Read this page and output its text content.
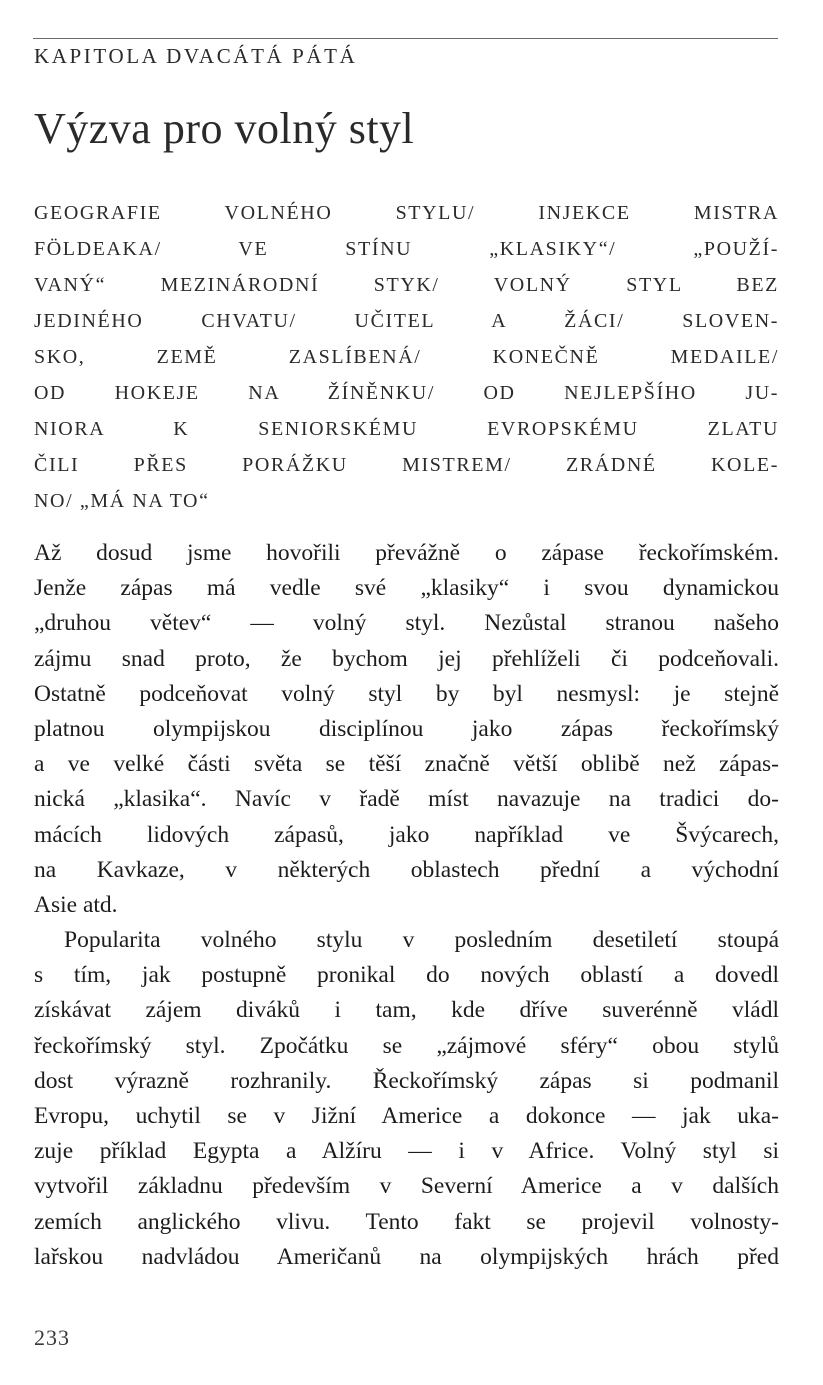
KAPITOLA DVACÁTÁ PÁTÁ
Výzva pro volný styl
GEOGRAFIE VOLNÉHO STYLU/ INJEKCE MISTRA
FÖLDEAKA/ VE STÍNU „KLASIKY“/ „POUŽÍ-
VANÝ“ MEZINÁRODNÍ STYK/ VOLNÝ STYL BEZ
JEDINÉHO CHVATU/ UČITEL A ŽÁCI/ SLOVEN-
SKO, ZEMĚ ZASLÍBENÁ/ KONEČNĚ MEDAILE/
OD HOKEJE NA ŽÍNĚNKU/ OD NEJLEPŠÍHO JU-
NIORA K SENIORSKÉMU EVROPSKÉMU ZLATU
ČILI PŘES PORÁŽKU MISTREM/ ZRÁDNÉ KOLE-
NO/ „MÁ NA TO“
Až dosud jsme hovořili převážně o zápase řeckořímském.
Jenže zápas má vedle své „klasiky“ i svou dynamickou
„druhou větev“ — volný styl. Nezůstal stranou našeho
zájmu snad proto, že bychom jej přehlíželi či podceňovali.
Ostatně podceňovat volný styl by byl nesmysl: je stejně
platnou olympijskou disciplínou jako zápas řeckořímský
a ve velké části světa se těší značně větší oblibě než zápas-
nická „klasika“. Navíc v řadě míst navazuje na tradici do-
mácích lidových zápasů, jako například ve Švýcarech,
na Kavkaze, v některých oblastech přední a východní
Asie atd.
Popularita volného stylu v posledním desetiletí stoupá
s tím, jak postupně pronikal do nových oblastí a dovedl
získávat zájem diváků i tam, kde dříve suverénně vládl
řeckořímský styl. Zpočátku se „zájmové sféry“ obou stylů
dost výrazně rozhranily. Řeckořímský zápas si podmanil
Evropu, uchytil se v Jižní Americe a dokonce — jak uka-
zuje příklad Egypta a Alžíru — i v Africe. Volný styl si
vytvořil základnu především v Severní Americe a v dalších
zemích anglického vlivu. Tento fakt se projevil volnosty-
lařskou nadvládou Američanů na olympijských hrách před
233
